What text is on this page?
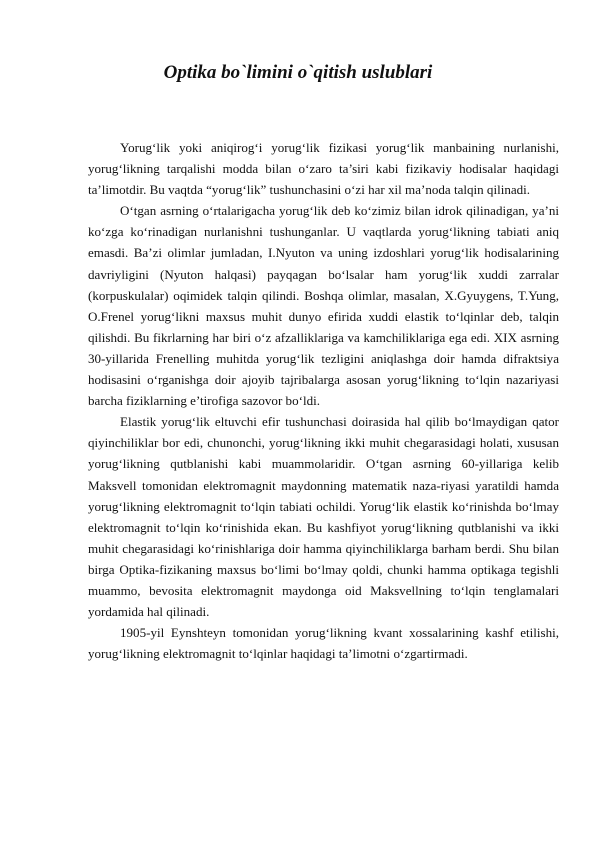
Optika bo`limini o`qitish uslublari

Yorug‘lik yoki aniqirog‘i yorug‘lik fizikasi yorug‘lik manbaining nurlanishi, yorug‘likning tarqalishi modda bilan o‘zaro ta’siri kabi fizikaviy hodisalar haqidagi ta’limotdir. Bu vaqtda “yorug‘lik” tushunchasini o‘zi har xil ma’noda talqin qilinadi.

O‘tgan asrning o‘rtalarigacha yorug‘lik deb ko‘zimiz bilan idrok qilinadigan, ya’ni ko‘zga ko‘rinadigan nurlanishni tushunganlar. U vaqtlarda yorug‘likning tabiati aniq emasdi. Ba’zi olimlar jumladan, I.Nyuton va uning izdoshlari yorug‘lik hodisalarining davriyligini (Nyuton halqasi) payqagan bo‘lsalar ham yorug‘lik xuddi zarralar (korpuskulalar) oqimidek talqin qilindi. Boshqa olimlar, masalan, X.Gyuygens, T.Yung, O.Frenel yorug‘likni maxsus muhit dunyo efirida xuddi elastik to‘lqinlar deb, talqin qilishdi. Bu fikrlarning har biri o‘z afzalliklariga va kamchiliklariga ega edi. XIX asrning 30-yillarida Frenelling muhitda yorug‘lik tezligini aniqlashga doir hamda difraktsiya hodisasini o‘rganishga doir ajoyib tajribalarga asosan yorug‘likning to‘lqin nazariyasi barcha fiziklarning e’tirofiga sazovor bo‘ldi.

Elastik yorug‘lik eltuvchi efir tushunchasi doirasida hal qilib bo‘lmaydigan qator qiyinchiliklar bor edi, chunonchi, yorug‘likning ikki muhit chegarasidagi holati, xususan yorug‘likning qutblanishi kabi muammolaridir. O‘tgan asrning 60-yillariga kelib Maksvell tomonidan elektromagnit maydonning matematik naza-riyasi yaratildi hamda yorug‘likning elektromagnit to‘lqin tabiati ochildi. Yorug‘lik elastik ko‘rinishda bo‘lmay elektromagnit to‘lqin ko‘rinishida ekan. Bu kashfiyot yorug‘likning qutblanishi va ikki muhit chegarasidagi ko‘rinishlariga doir hamma qiyinchiliklarga barham berdi. Shu bilan birga Optika-fizikaning maxsus bo‘limi bo‘lmay qoldi, chunki hamma optikaga tegishli muammo, bevosita elektromagnit maydonga oid Maksvellning to‘lqin tenglamalari yordamida hal qilinadi.

1905-yil Eynshteyn tomonidan yorug‘likning kvant xossalarining kashf etilishi, yorug‘likning elektromagnit to‘lqinlar haqidagi ta’limotni o‘zgartirmadi.
